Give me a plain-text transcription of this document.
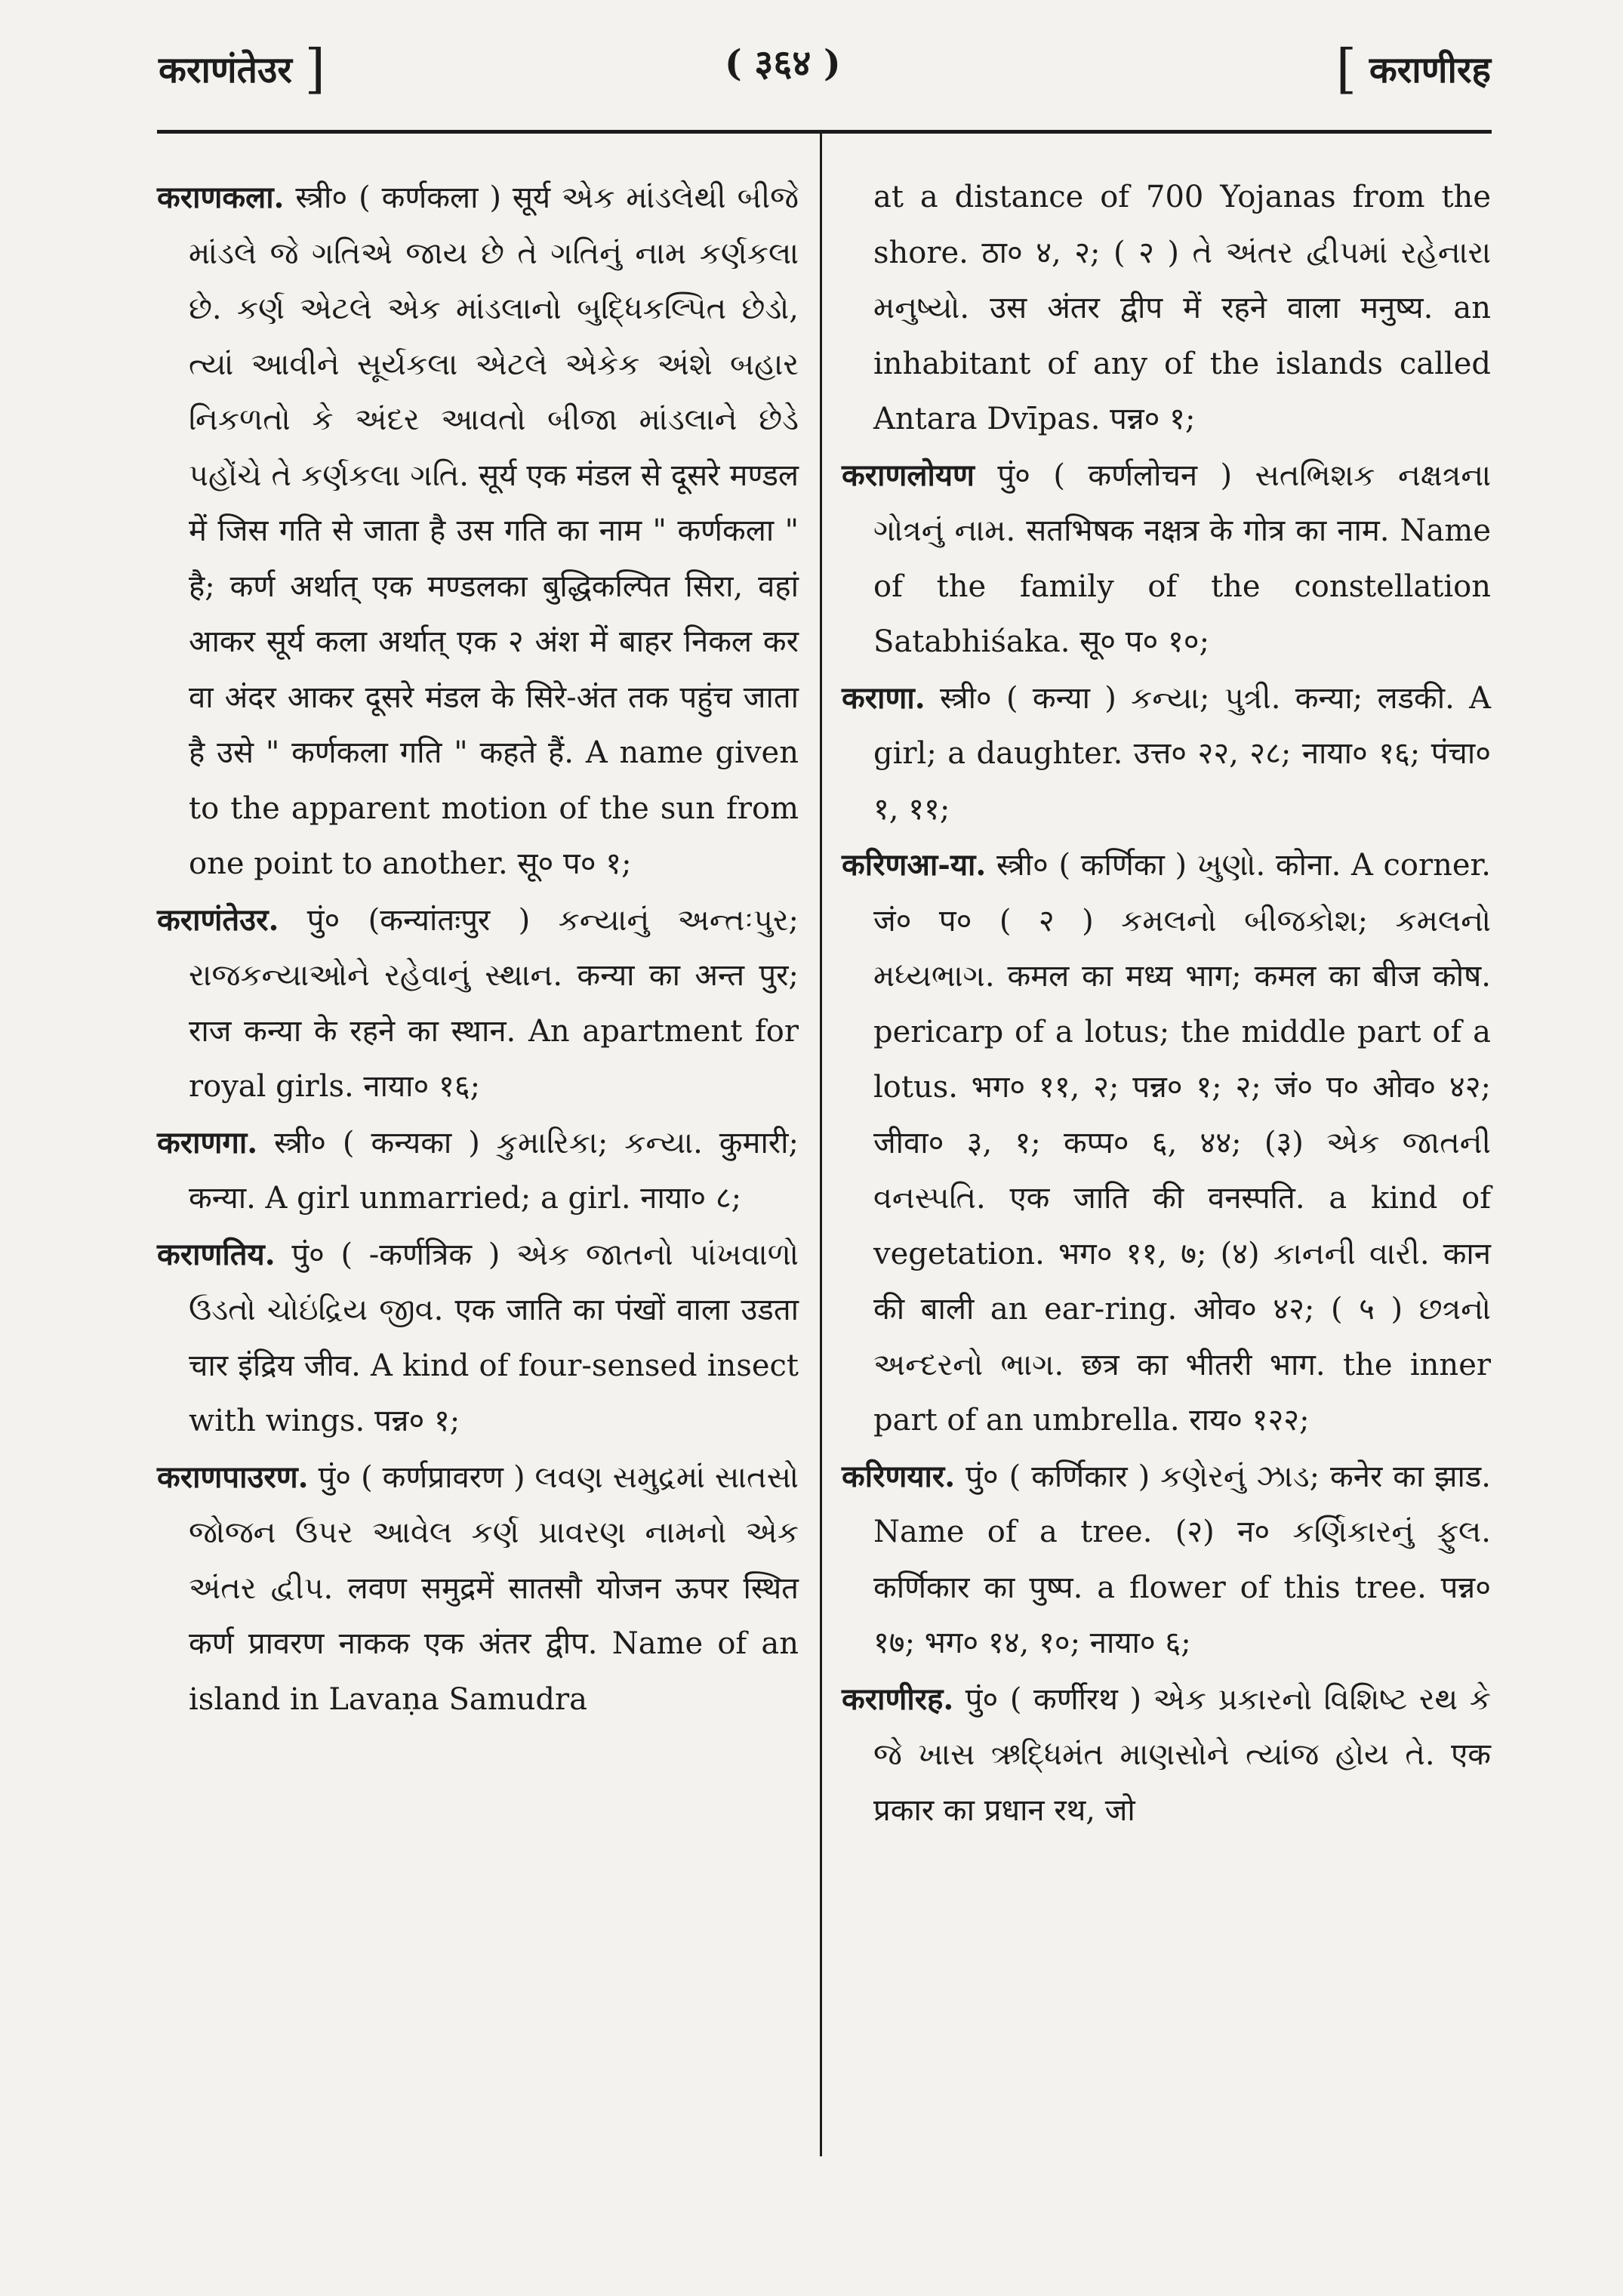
कराणंतेउर ]	( ३६४ )	[ कराणीरह

कराणकला. स्त्री० ( कर्णकला ) सूर्य એક માંડલેથી બીજે માંડલે જે ગતિએ જાય છે તે ગતિનું નામ કર્ણકલા છે. કર્ણ એટલે એક માંડલાનો બુદ્ધિકલ્પિત છેડો, ત્યાં આવીને સૂર્યકલા એટલે એકેક અંશે બહાર નિકળતો કે અંદર આવતો બીજા માંડલાને છેડે પહોંચે તે કર્ણકલા ગતિ. सूर्य एक मंडल से दूसरे मण्डल में जिस गति से जाता है उस गति का नाम " कर्णकला " है; कर्ण अर्थात् एक मण्डलका बुद्धिकल्पित सिरा, वहां आकर सूर्य कला अर्थात् एक २ अंश में बाहर निकल कर वा अंदर आकर दूसरे मंडल के सिरे-अंत तक पहुंच जाता है उसे " कर्णकला गति " कहते हैं. A name given to the apparent motion of the sun from one point to another. सू० प० १;

कराणंतेउर. पुं० (कन्यांतःपुर ) કન્યાનું અન્તઃપુર; રાજકન્યાઓને રહેવાનું સ્થાન. कन्या का अन्त पुर; राज कन्या के रहने का स्थान. An apartment for royal girls. नाया० १६;

कराणगा. स्त्री० ( कन्यका ) કુમારિકા; કન્યા. कुमारी; कन्या. A girl unmarried; a girl. नाया० ८;

कराणतिय. पुं० ( -कर्णत्रिक ) એક જાતનો પાંખવાળો ઉડતો ચોઇંદ્રિય જીવ. एक जाति का पंखों वाला उडता चार इंद्रिय जीव. A kind of four-sensed insect with wings. पन्न० १;

कराणपाउरण. पुं० ( कर्णप्रावरण ) લવણ સમુદ્રમાં સાતસો જોજન ઉપર આવેલ કર્ણ પ્રાવરણ નામનો એક અંતર દ્વીપ. लवण समुद्रमें सातसौ योजन ऊपर स्थित कर्ण प्रावरण नाकक एक अंतर द्वीप. Name of an island in Lavaṇa Samudra

at a distance of 700 Yojanas from the shore. ठा० ४, २; ( २ ) તે અંતર દ્વીપમાં રહેનારા મનુષ્યો. उस अंतर द्वीप में रहने वाला मनुष्य. an inhabitant of any of the islands called Antara Dvīpas. पन्न० १;

कराणलोयण पुं० ( कर्णलोचन ) સતભિશક નક્ષત્રના ગોત્રનું નામ. सतभिषक नक्षत्र के गोत्र का नाम. Name of the family of the constellation Satabhiśaka. सू० प० १०;

कराणा. स्त्री० ( कन्या ) કન્યા; પુત્રી. कन्या; लडकी. A girl; a daughter. उत्त० २२, २८; नाया० १६; पंचा० १, ११;

करिणआ-या. स्त्री० ( कर्णिका ) ખુણો. कोना. A corner. जं० प० ( २ ) કમલનો બીજકોશ; કમલનો મધ્યભાગ. कमल का मध्य भाग; कमल का बीज कोष. pericarp of a lotus; the middle part of a lotus. भग० ११, २; पन्न० १; २; जं० प० ओव० ४२; जीवा० ३, १; कप्प० ६, ४४; (३) એક જાતની વનસ્પતિ. एक जाति की वनस्पति. a kind of vegetation. भग० ११, ७; (४) કાનની વારી. कान की बाली an ear-ring. ओव० ४२; ( ५ ) છત્રનો અન્દરનો ભાગ. छत्र का भीतरी भाग. the inner part of an umbrella. राय० १२२;

करिणयार. पुं० ( कर्णिकार ) કણેરનું ઝાડ; कनेर का झाड. Name of a tree. (२) न० કર્ણિકારનું ફુલ. कर्णिकार का पुष्प. a flower of this tree. पन्न० १७; भग० १४, १०; नाया० ६;

कराणीरह. पुं० ( कर्णीरथ ) એક પ્રકારનો વિશિષ્ટ રથ કે જે ખાસ ઋદ્ધિમંત માણસોને ત્યાંજ હોય તે. एक प्रकार का प्रधान रथ, जो
